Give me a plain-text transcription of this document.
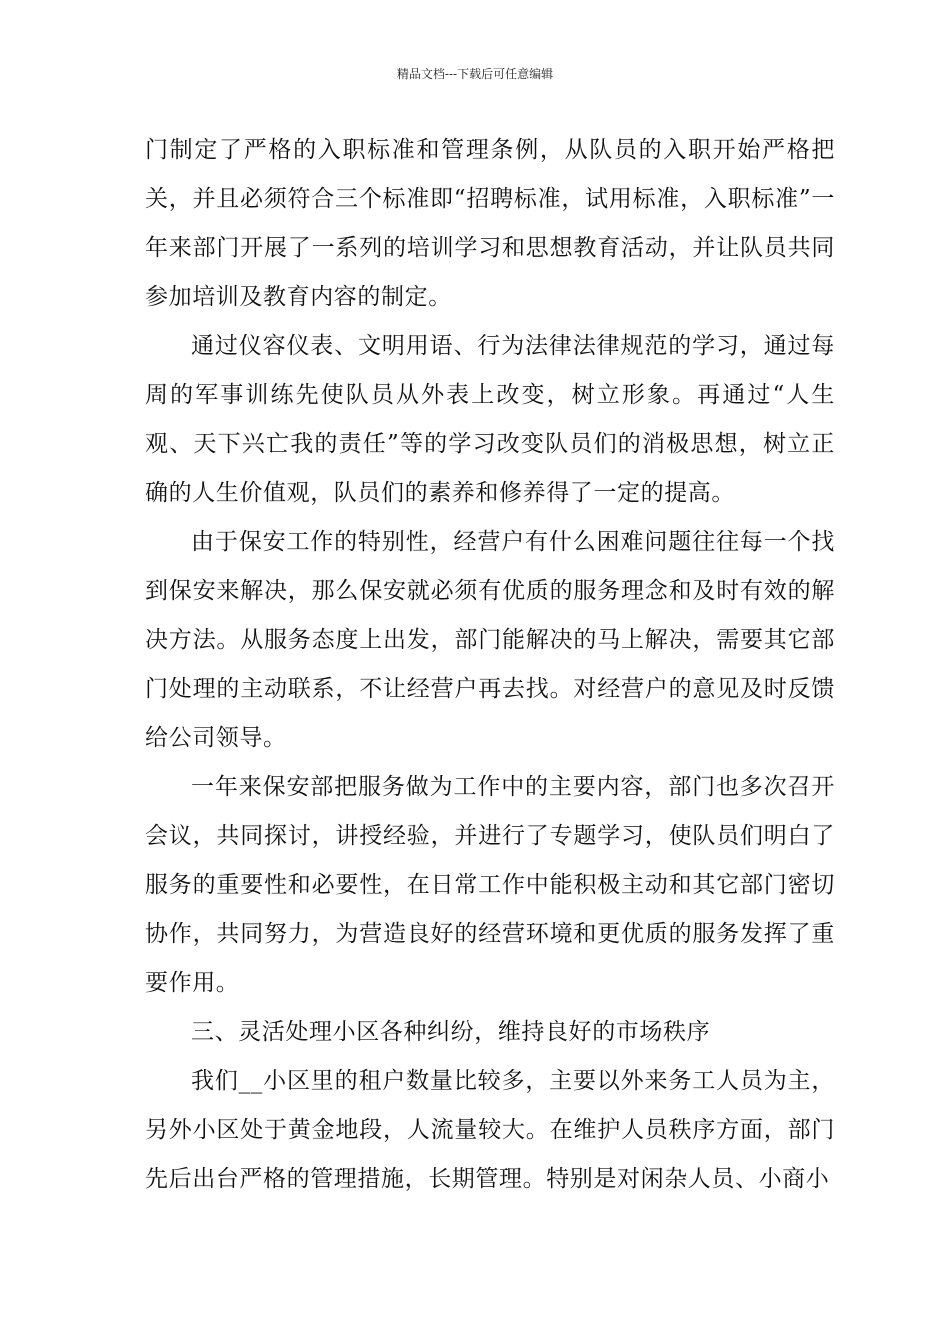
精品文档---下载后可任意编辑

门制定了严格的入职标准和管理条例，从队员的入职开始严格把关，并且必须符合三个标准即“招聘标准，试用标准，入职标准”一年来部门开展了一系列的培训学习和思想教育活动，并让队员共同参加培训及教育内容的制定。

通过仪容仪表、文明用语、行为法律法律规范的学习，通过每周的军事训练先使队员从外表上改变，树立形象。再通过“人生观、天下兴亡我的责任”等的学习改变队员们的消极思想，树立正确的人生价值观，队员们的素养和修养得了一定的提高。

由于保安工作的特别性，经营户有什么困难问题往往每一个找到保安来解决，那么保安就必须有优质的服务理念和及时有效的解决方法。从服务态度上出发，部门能解决的马上解决，需要其它部门处理的主动联系，不让经营户再去找。对经营户的意见及时反馈给公司领导。

一年来保安部把服务做为工作中的主要内容，部门也多次召开会议，共同探讨，讲授经验，并进行了专题学习，使队员们明白了服务的重要性和必要性，在日常工作中能积极主动和其它部门密切协作，共同努力，为营造良好的经营环境和更优质的服务发挥了重要作用。

三、灵活处理小区各种纠纷，维持良好的市场秩序

我们__小区里的租户数量比较多，主要以外来务工人员为主，另外小区处于黄金地段，人流量较大。在维护人员秩序方面，部门先后出台严格的管理措施，长期管理。特别是对闲杂人员、小商小
